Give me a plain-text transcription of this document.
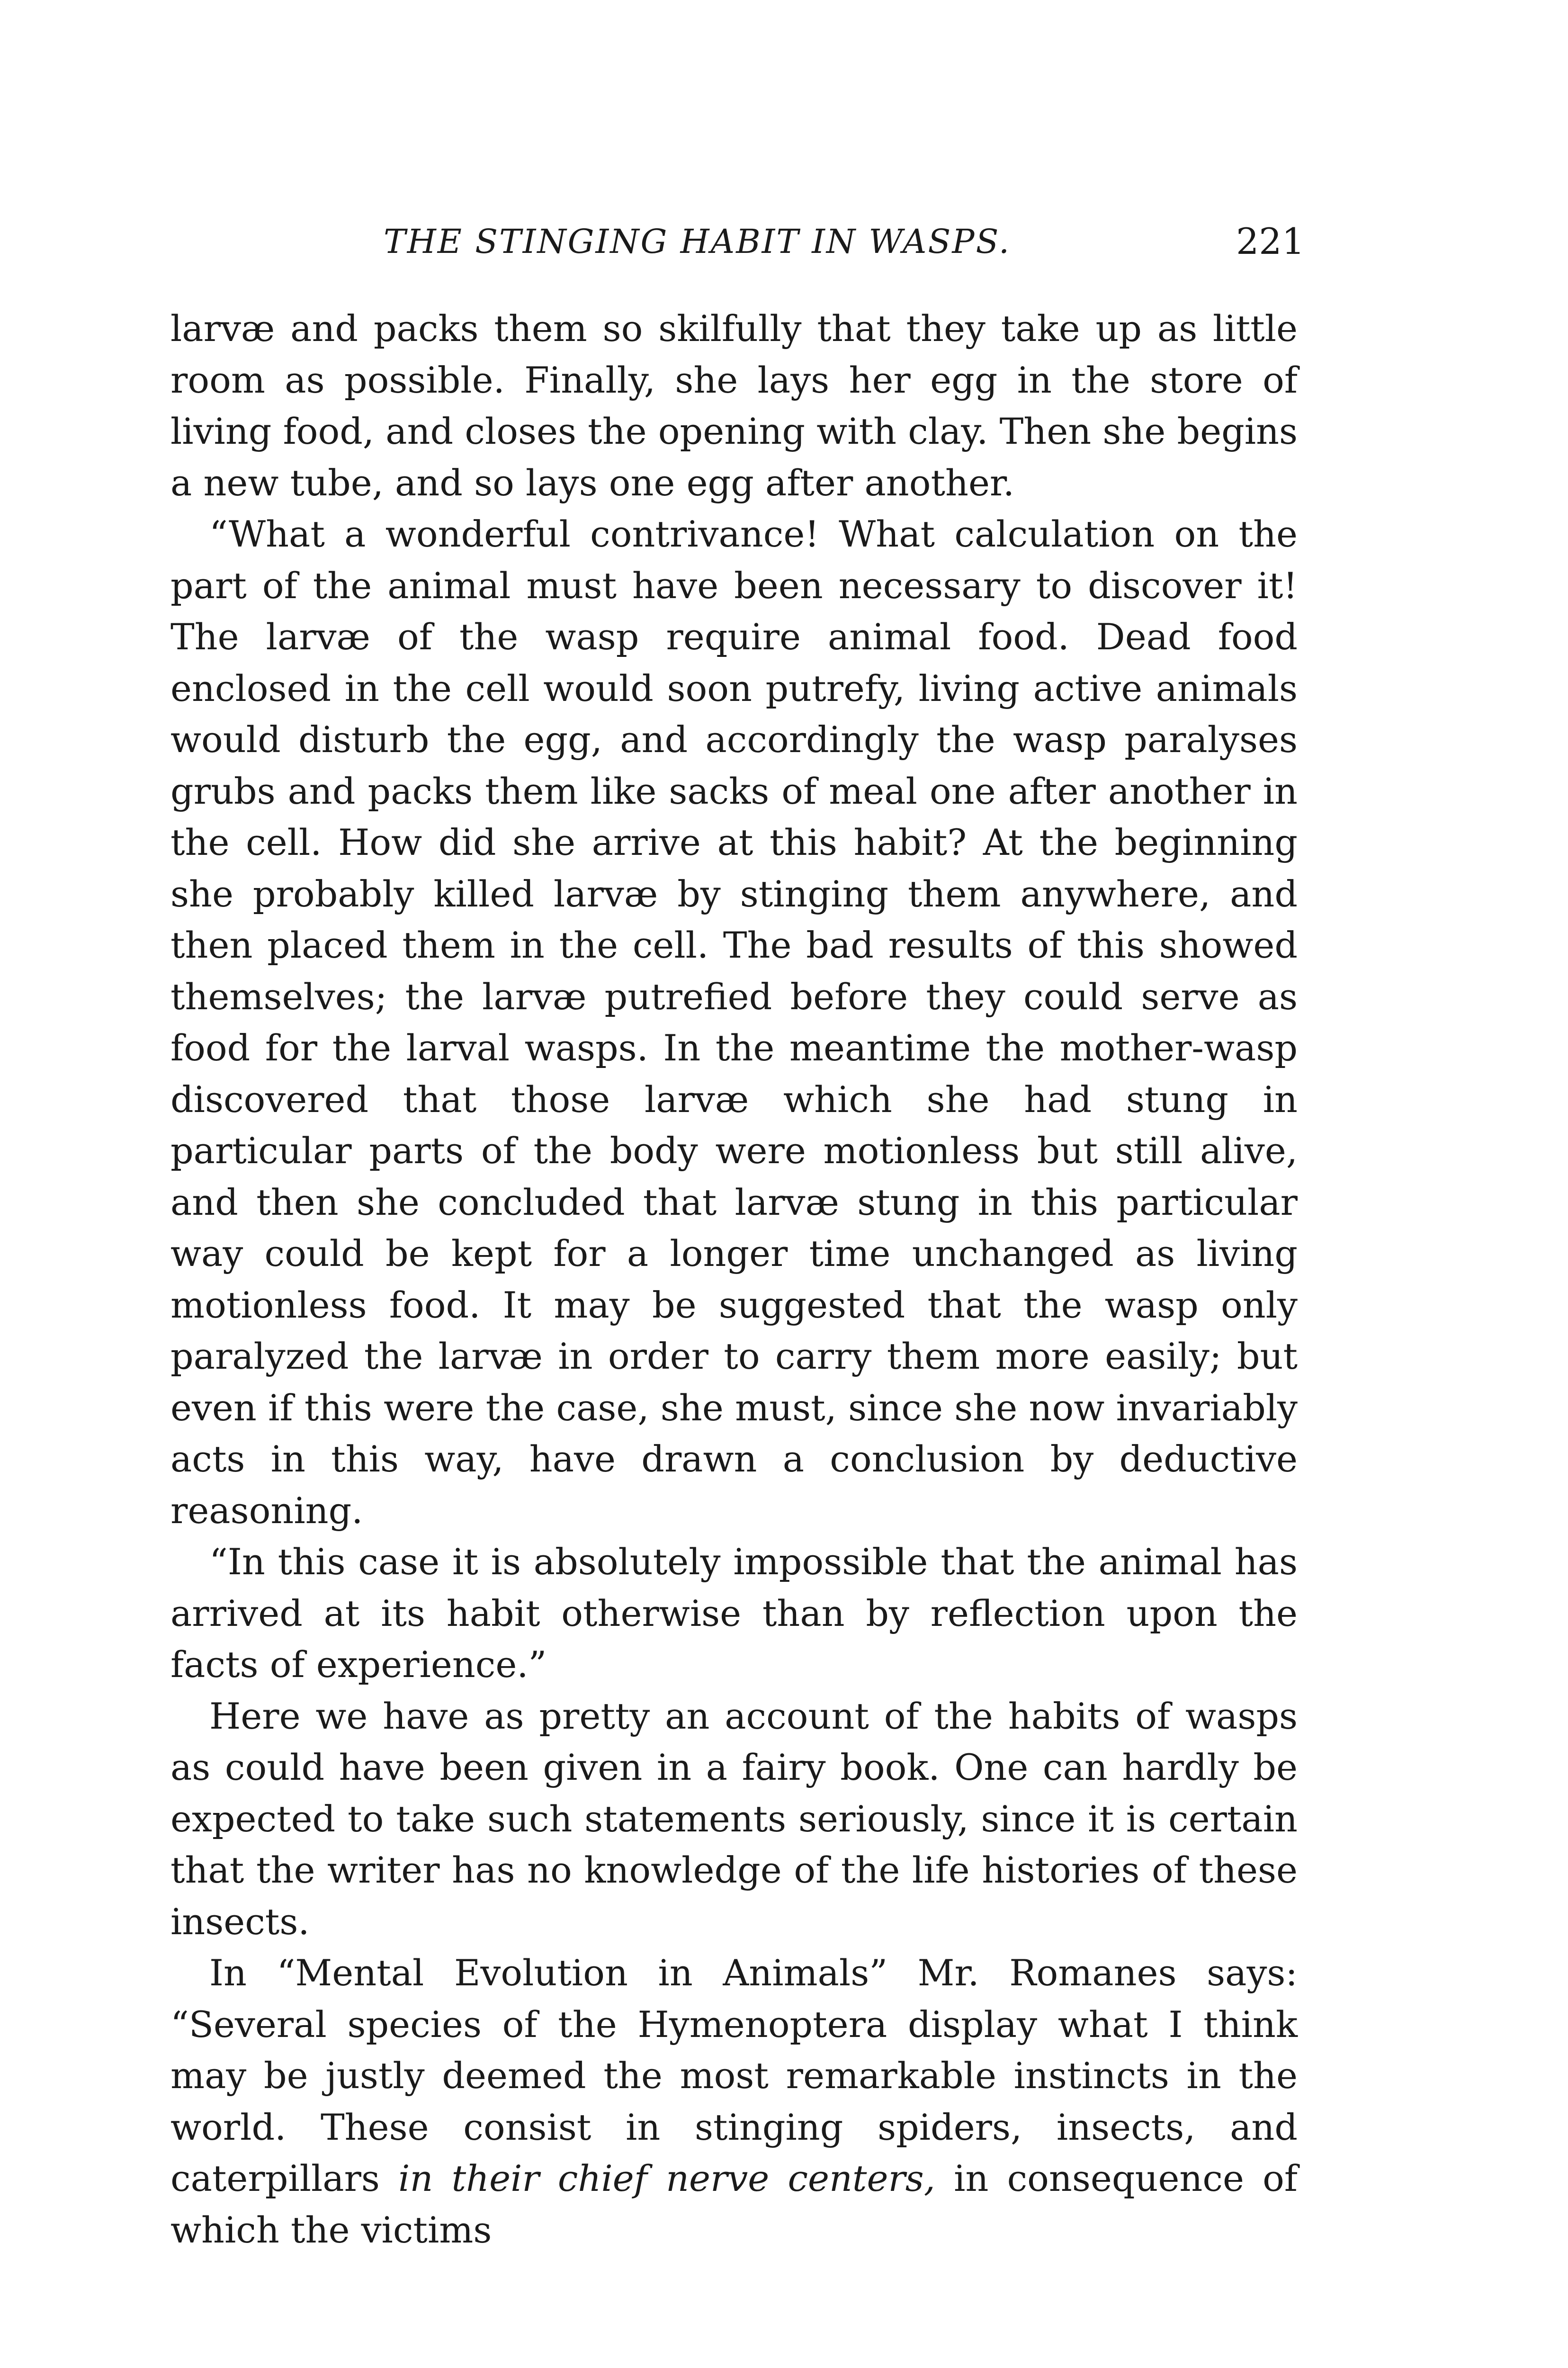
THE STINGING HABIT IN WASPS.	221

larvæ and packs them so skilfully that they take up as little room as possible. Finally, she lays her egg in the store of living food, and closes the opening with clay. Then she begins a new tube, and so lays one egg after another.

“What a wonderful contrivance! What calculation on the part of the animal must have been necessary to discover it! The larvæ of the wasp require animal food. Dead food enclosed in the cell would soon putrefy, living active animals would disturb the egg, and accordingly the wasp paralyses grubs and packs them like sacks of meal one after another in the cell. How did she arrive at this habit? At the beginning she probably killed larvæ by stinging them anywhere, and then placed them in the cell. The bad results of this showed themselves; the larvæ putrefied before they could serve as food for the larval wasps. In the meantime the mother-wasp discovered that those larvæ which she had stung in particular parts of the body were motionless but still alive, and then she concluded that larvæ stung in this particular way could be kept for a longer time unchanged as living motionless food. It may be suggested that the wasp only paralyzed the larvæ in order to carry them more easily; but even if this were the case, she must, since she now invariably acts in this way, have drawn a conclusion by deductive reasoning.

“In this case it is absolutely impossible that the animal has arrived at its habit otherwise than by reflection upon the facts of experience.”

Here we have as pretty an account of the habits of wasps as could have been given in a fairy book. One can hardly be expected to take such statements seriously, since it is certain that the writer has no knowledge of the life histories of these insects.

In “Mental Evolution in Animals” Mr. Romanes says: “Several species of the Hymenoptera display what I think may be justly deemed the most remarkable instincts in the world. These consist in stinging spiders, insects, and caterpillars in their chief nerve centers, in consequence of which the victims
